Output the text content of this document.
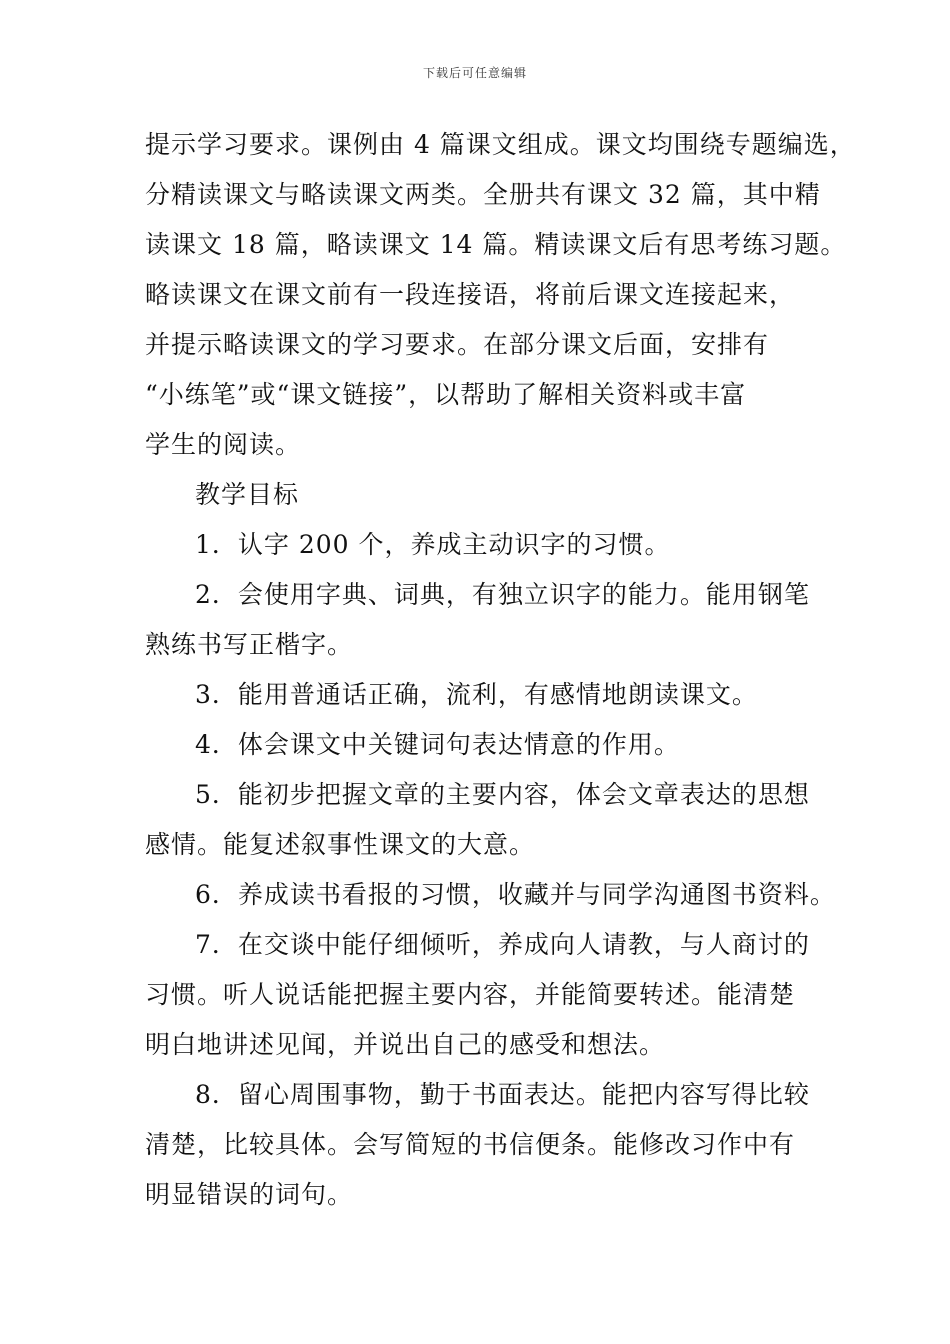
下载后可任意编辑
提示学习要求。课例由 4 篇课文组成。课文均围绕专题编选，
分精读课文与略读课文两类。全册共有课文 32 篇，其中精
读课文 18 篇，略读课文 14 篇。精读课文后有思考练习题。
略读课文在课文前有一段连接语，将前后课文连接起来，
并提示略读课文的学习要求。在部分课文后面，安排有
“小练笔”或“课文链接”，以帮助了解相关资料或丰富
学生的阅读。
教学目标
1．认字 200 个，养成主动识字的习惯。
2．会使用字典、词典，有独立识字的能力。能用钢笔
熟练书写正楷字。
3．能用普通话正确，流利，有感情地朗读课文。
4．体会课文中关键词句表达情意的作用。
5．能初步把握文章的主要内容，体会文章表达的思想
感情。能复述叙事性课文的大意。
6．养成读书看报的习惯，收藏并与同学沟通图书资料。
7．在交谈中能仔细倾听，养成向人请教，与人商讨的
习惯。听人说话能把握主要内容，并能简要转述。能清楚
明白地讲述见闻，并说出自己的感受和想法。
8．留心周围事物，勤于书面表达。能把内容写得比较
清楚，比较具体。会写简短的书信便条。能修改习作中有
明显错误的词句。
